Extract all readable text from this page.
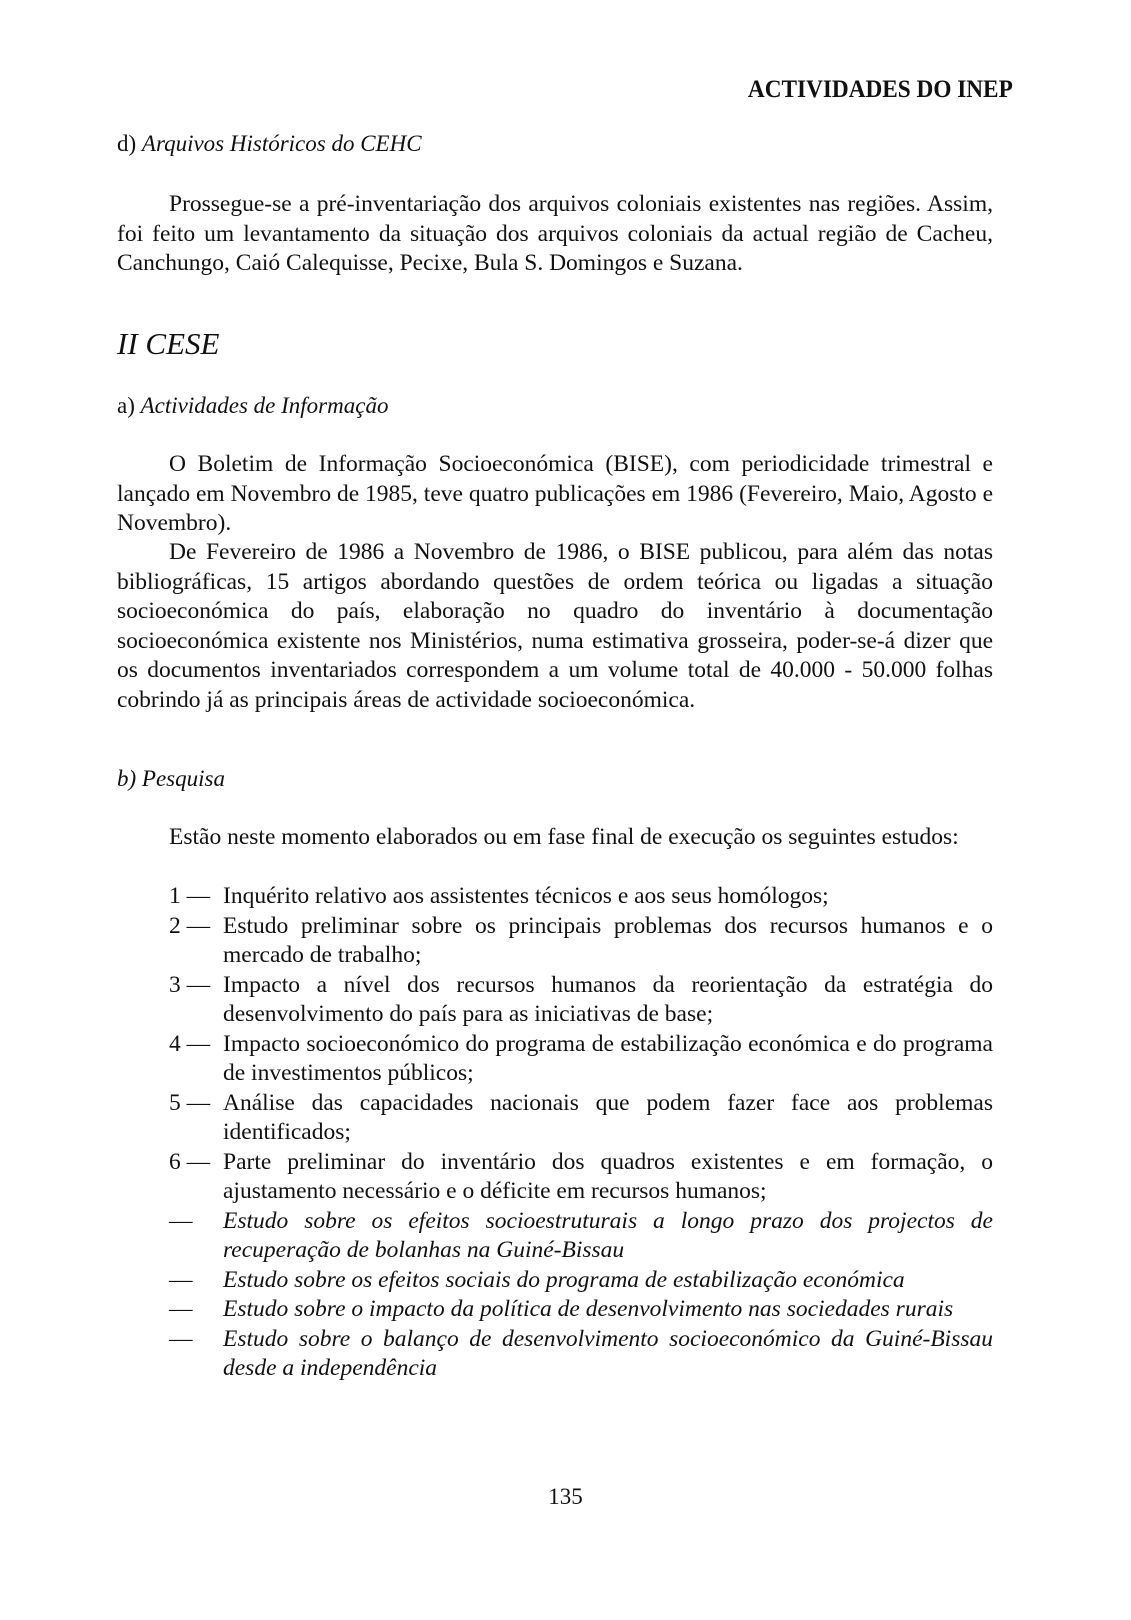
ACTIVIDADES DO INEP
d) Arquivos Históricos do CEHC

Prossegue-se a pré-inventariação dos arquivos coloniais existentes nas regiões. Assim, foi feito um levantamento da situação dos arquivos coloniais da actual região de Cacheu, Canchungo, Caió Calequisse, Pecixe, Bula S. Domingos e Suzana.

II CESE
a) Actividades de Informação

O Boletim de Informação Socioeconómica (BISE), com periodicidade trimestral e lançado em Novembro de 1985, teve quatro publicações em 1986 (Fevereiro, Maio, Agosto e Novembro).

De Fevereiro de 1986 a Novembro de 1986, o BISE publicou, para além das notas bibliográficas, 15 artigos abordando questões de ordem teórica ou ligadas a situação socioeconómica do país, elaboração no quadro do inventário à documentação socioeconómica existente nos Ministérios, numa estimativa grosseira, poder-se-á dizer que os documentos inventariados correspondem a um volume total de 40.000 - 50.000 folhas cobrindo já as principais áreas de actividade socioeconómica.

b) Pesquisa

Estão neste momento elaborados ou em fase final de execução os seguintes estudos:

1 — Inquérito relativo aos assistentes técnicos e aos seus homólogos;
2 — Estudo preliminar sobre os principais problemas dos recursos humanos e o mercado de trabalho;
3 — Impacto a nível dos recursos humanos da reorientação da estratégia do desenvolvimento do país para as iniciativas de base;
4 — Impacto socioeconómico do programa de estabilização económica e do programa de investimentos públicos;
5 — Análise das capacidades nacionais que podem fazer face aos problemas identificados;
6 — Parte preliminar do inventário dos quadros existentes e em formação, o ajustamento necessário e o déficite em recursos humanos;
— Estudo sobre os efeitos socioestruturais a longo prazo dos projectos de recuperação de bolanhas na Guiné-Bissau
— Estudo sobre os efeitos sociais do programa de estabilização económica
— Estudo sobre o impacto da política de desenvolvimento nas sociedades rurais
— Estudo sobre o balanço de desenvolvimento socioeconómico da Guiné-Bissau desde a independência
135
